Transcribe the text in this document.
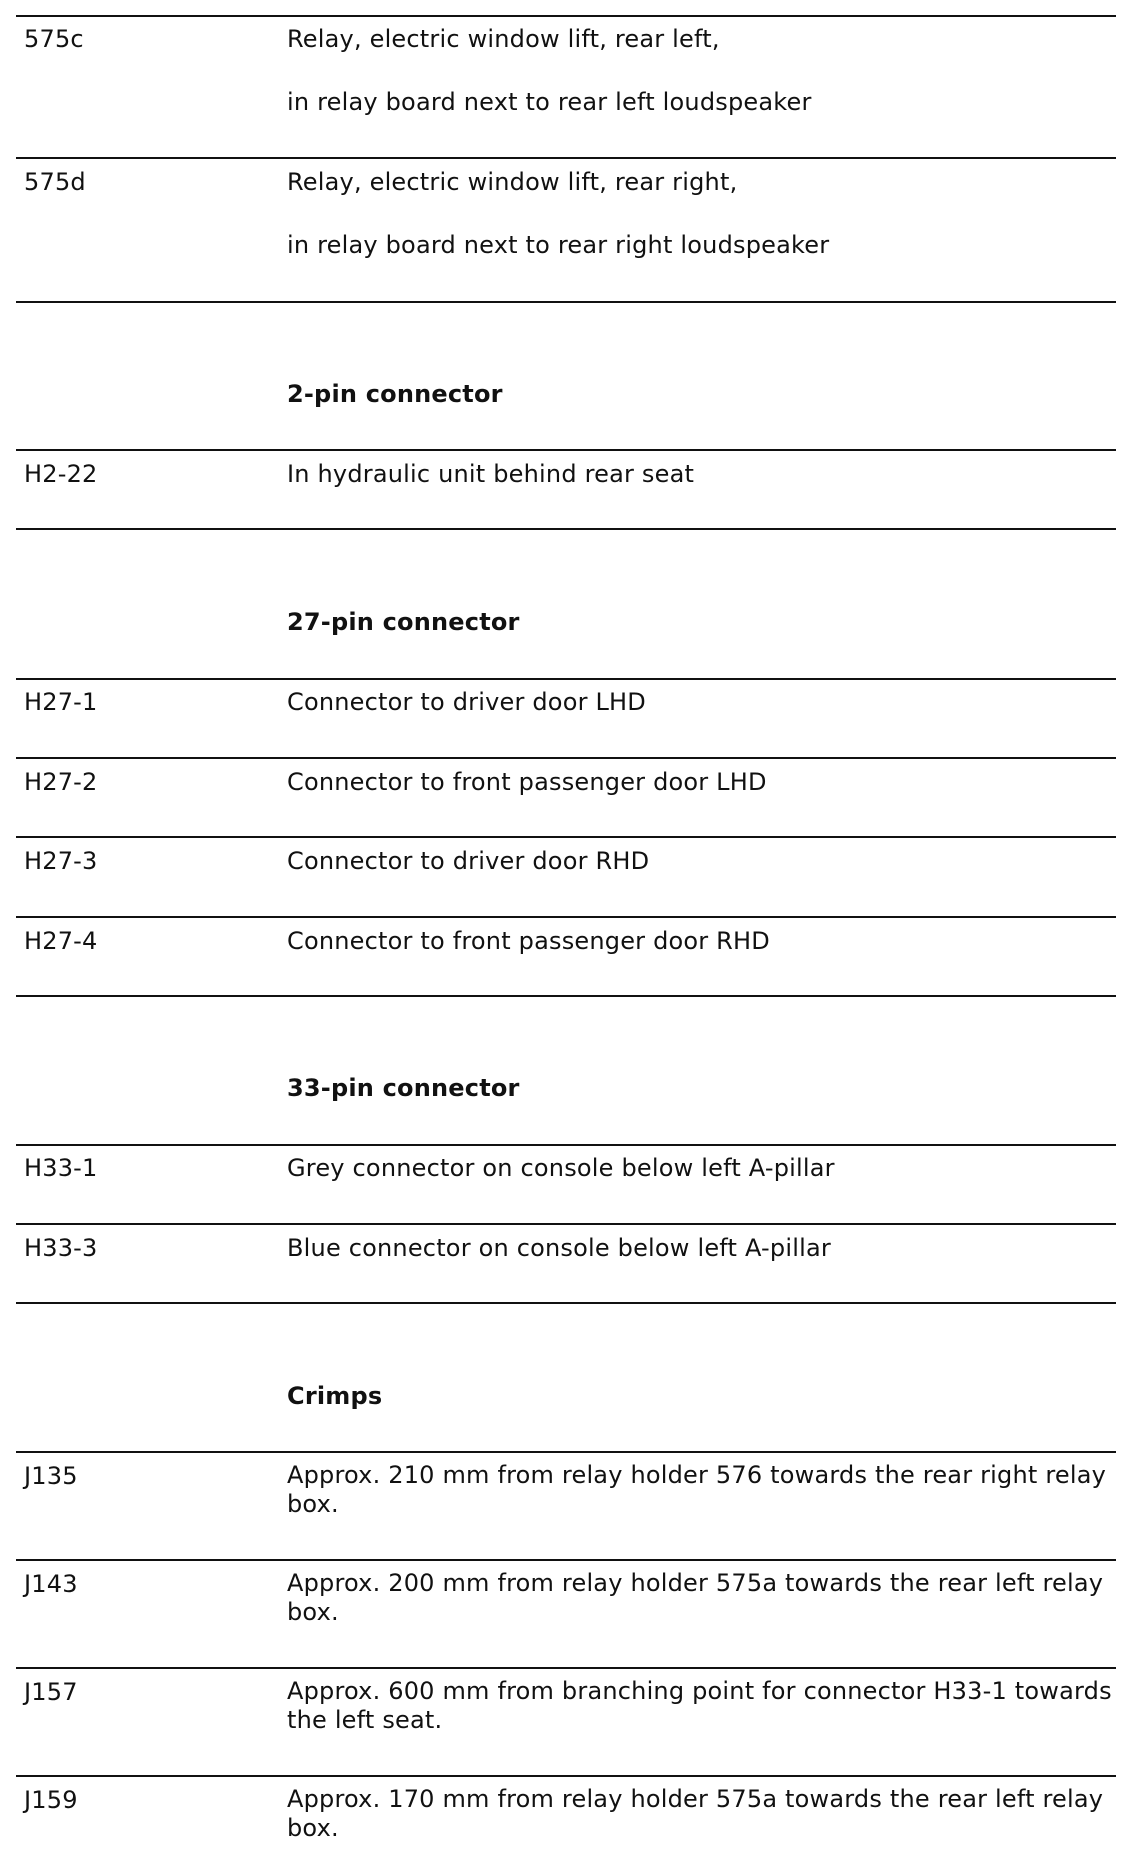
575c	Relay, electric window lift, rear left,
in relay board next to rear left loudspeaker
575d	Relay, electric window lift, rear right,
in relay board next to rear right loudspeaker
2-pin connector
H2-22	In hydraulic unit behind rear seat
27-pin connector
H27-1	Connector to driver door LHD
H27-2	Connector to front passenger door LHD
H27-3	Connector to driver door RHD
H27-4	Connector to front passenger door RHD
33-pin connector
H33-1	Grey connector on console below left A-pillar
H33-3	Blue connector on console below left A-pillar
Crimps
J135	Approx. 210 mm from relay holder 576 towards the rear right relay box.
J143	Approx. 200 mm from relay holder 575a towards the rear left relay box.
J157	Approx. 600 mm from branching point for connector H33-1 towards the left seat.
J159	Approx. 170 mm from relay holder 575a towards the rear left relay box.
